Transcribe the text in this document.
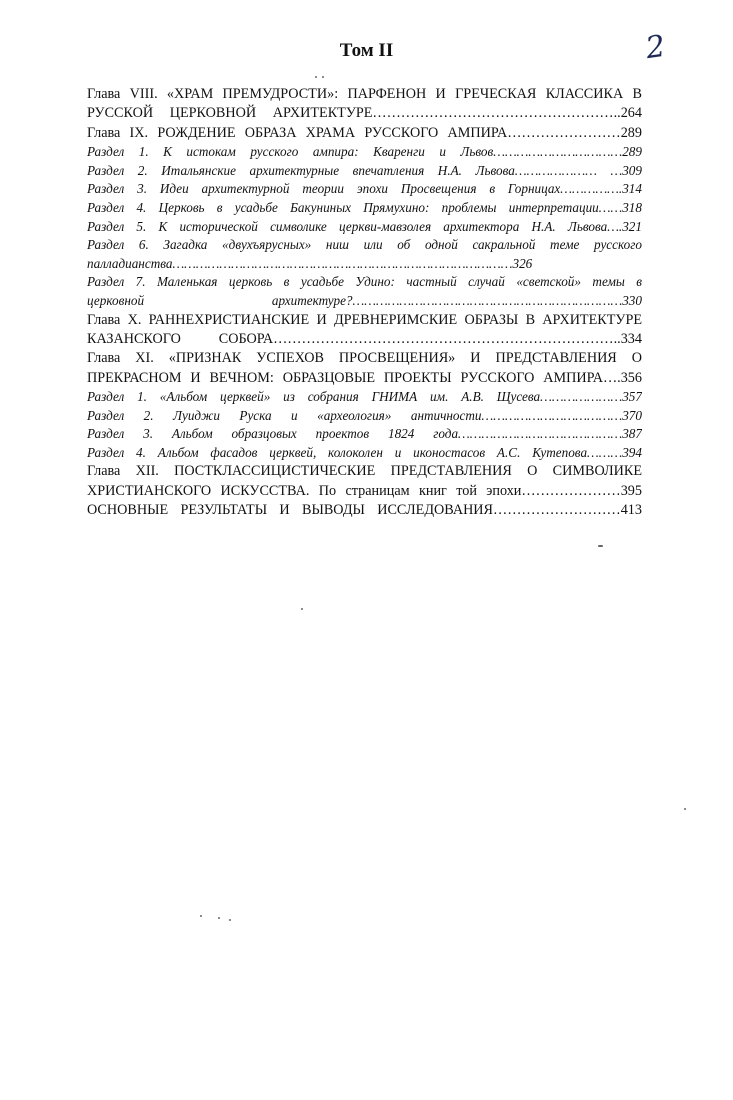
Том II	2
Глава VIII. «ХРАМ ПРЕМУДРОСТИ»: ПАРФЕНОН И ГРЕЧЕСКАЯ КЛАССИКА В
РУССКОЙ ЦЕРКОВНОЙ АРХИТЕКТУРЕ……………………………………………..264
Глава IX. РОЖДЕНИЕ ОБРАЗА ХРАМА РУССКОГО АМПИРА……………………289
Раздел 1. К истокам русского ампира: Кваренги и Львов……………………………289
Раздел 2. Итальянские архитектурные впечатления Н.А. Львова………………… …309
Раздел 3. Идеи архитектурной теории эпохи Просвещения в Горницах…………….314
Раздел 4. Церковь в усадьбе Бакуниных Прямухино: проблемы интерпретации……318
Раздел 5. К исторической символике церкви-мавзолея архитектора Н.А. Львова….321
Раздел 6. Загадка «двухъярусных» ниш или об одной сакральной теме русского
палладианства……………………………………………………………………………326
Раздел 7. Маленькая церковь в усадьбе Удино: частный случай «светской» темы в
церковной архитектуре?……………………………………………………………330
Глава X. РАННЕХРИСТИАНСКИЕ И ДРЕВНЕРИМСКИЕ ОБРАЗЫ В АРХИТЕКТУРЕ
КАЗАНСКОГО СОБОРА………………………………………………………………..334
Глава XI. «ПРИЗНАК УСПЕХОВ ПРОСВЕЩЕНИЯ» И ПРЕДСТАВЛЕНИЯ О
ПРЕКРАСНОМ И ВЕЧНОМ: ОБРАЗЦОВЫЕ ПРОЕКТЫ РУССКОГО АМПИРА….356
Раздел 1. «Альбом церквей» из собрания ГНИМА им. А.В. Щусева…………………357
Раздел 2. Луиджи Руска и «археология» античности………………………………370
Раздел 3. Альбом образцовых проектов 1824 года……………………………………387
Раздел 4. Альбом фасадов церквей, колоколен и иконостасов А.С. Кутепова………394
Глава XII. ПОСТКЛАССИЦИСТИЧЕСКИЕ ПРЕДСТАВЛЕНИЯ О СИМВОЛИКЕ
ХРИСТИАНСКОГО ИСКУССТВА. По страницам книг той эпохи…………………395
ОСНОВНЫЕ РЕЗУЛЬТАТЫ И ВЫВОДЫ ИССЛЕДОВАНИЯ………………………413
